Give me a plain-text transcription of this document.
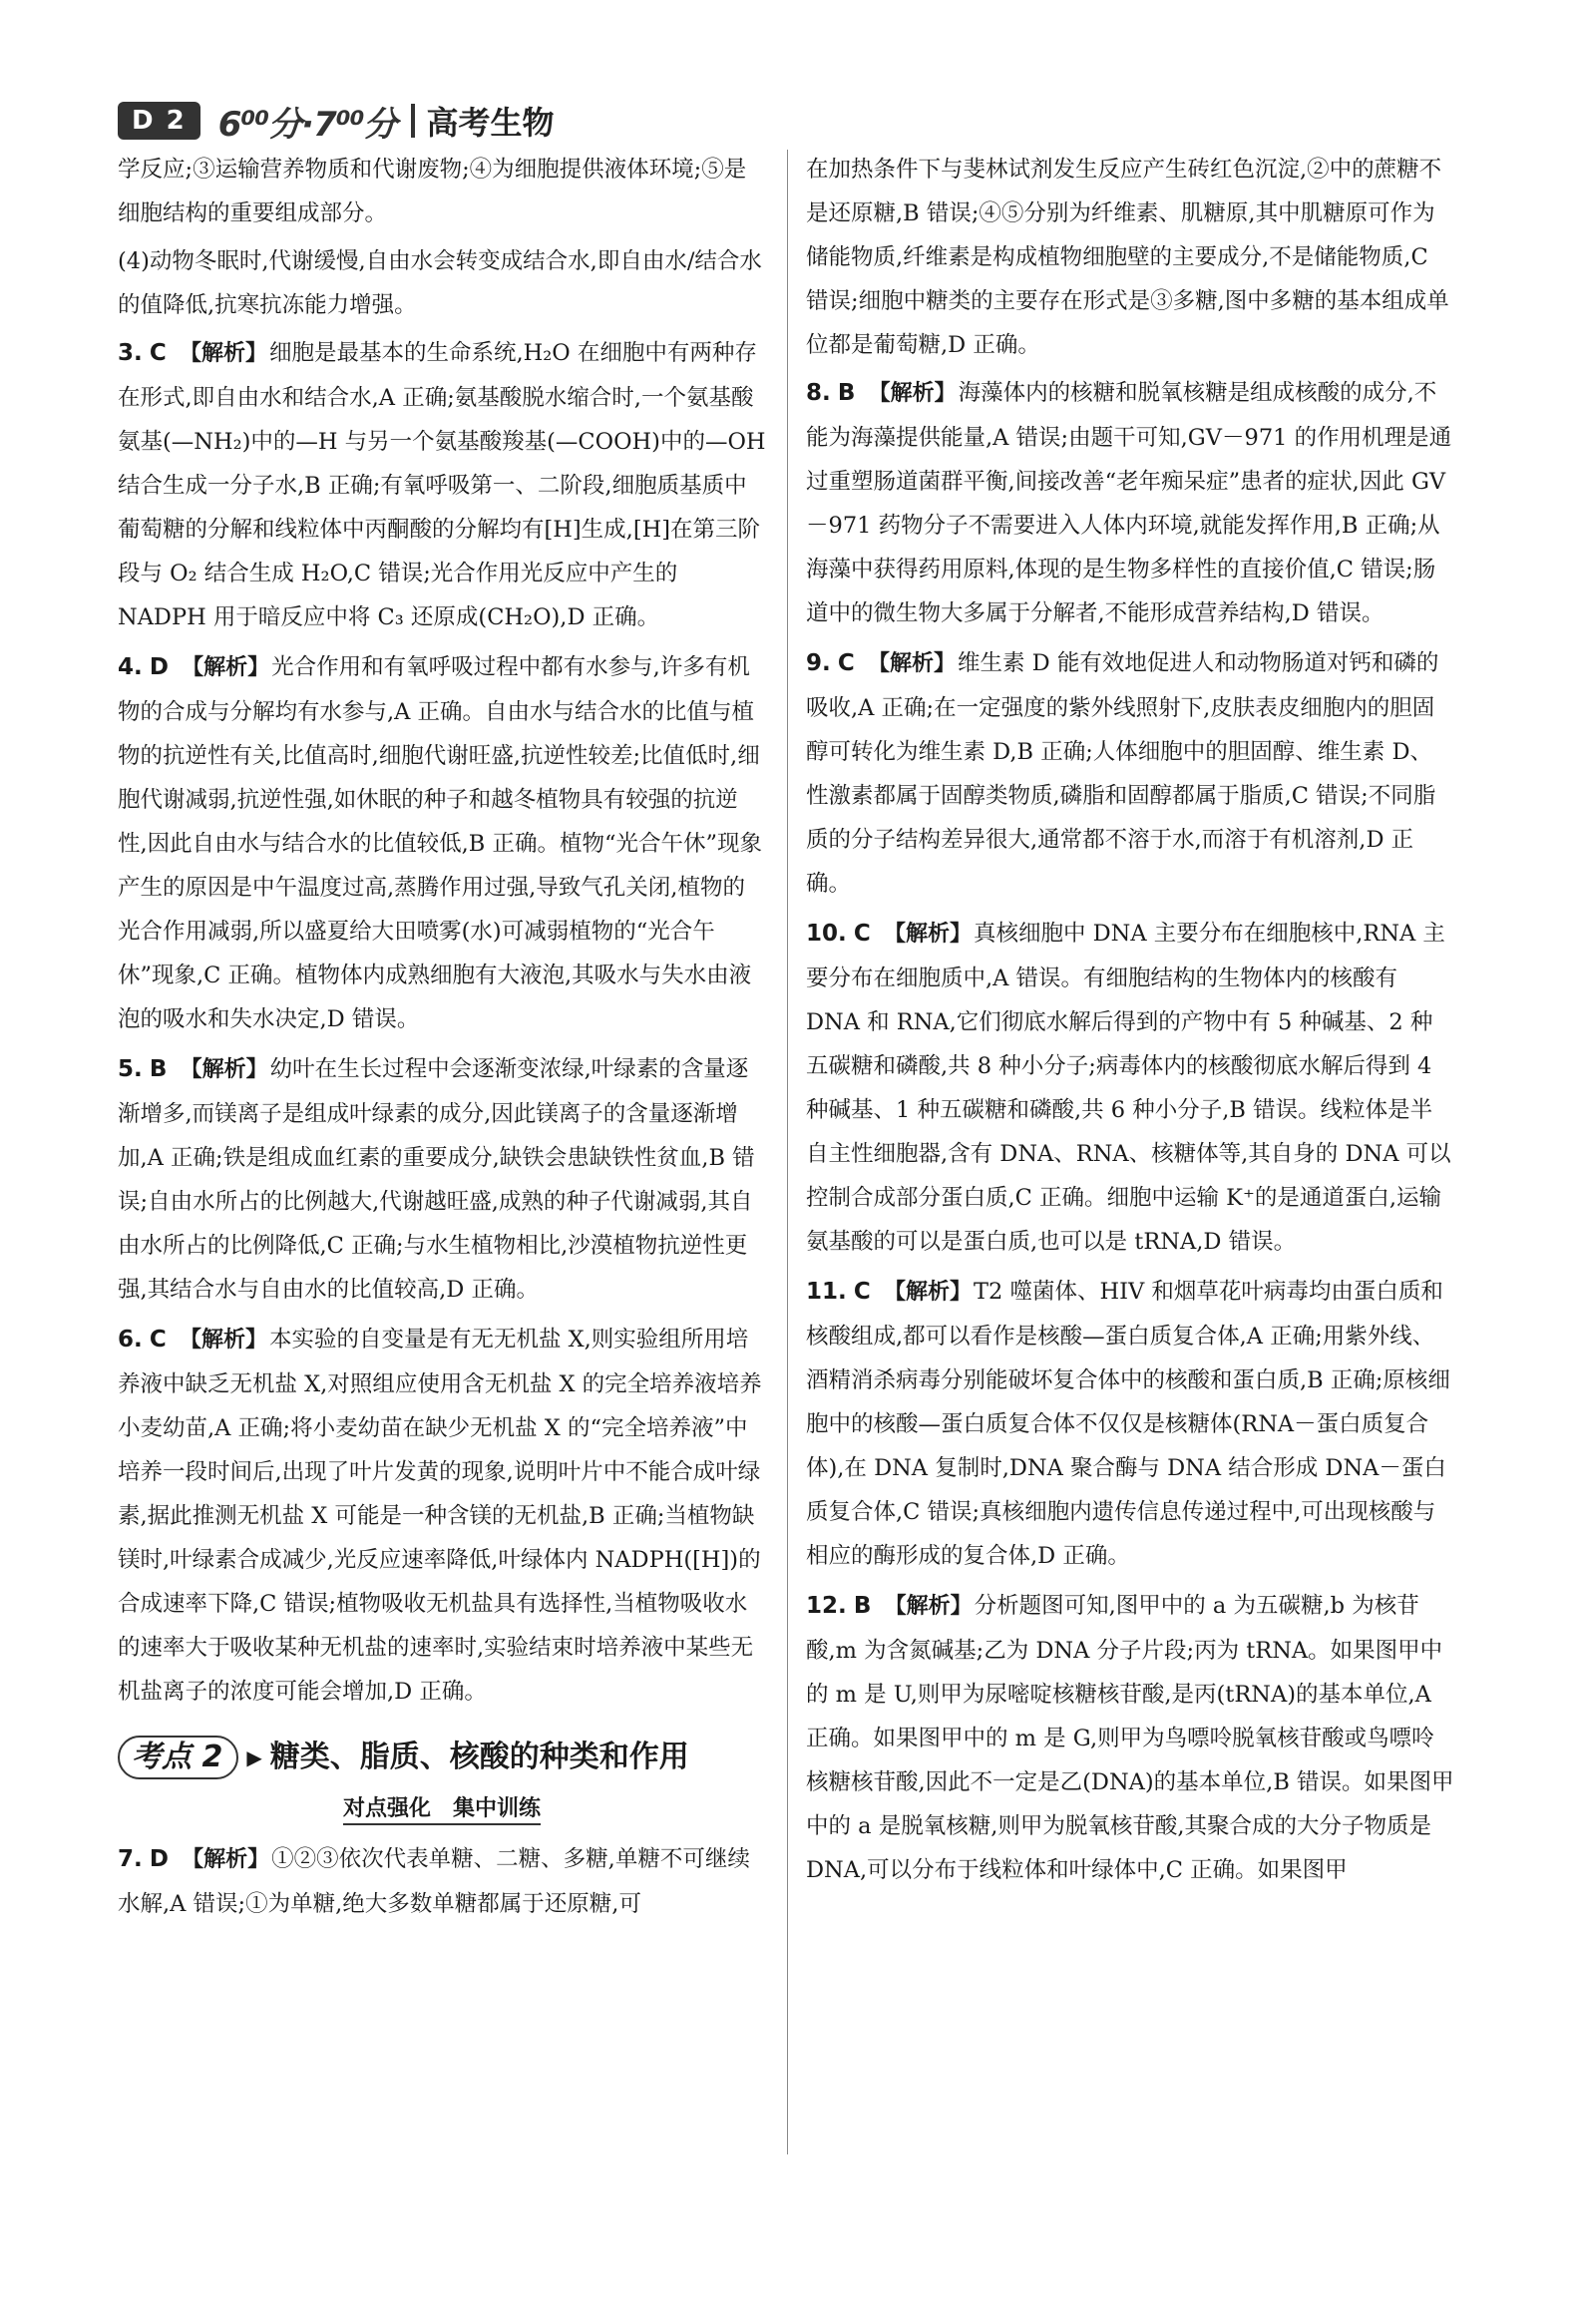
D 2 6⁰⁰分·7⁰⁰分 高考生物

学反应;③运输营养物质和代谢废物;④为细胞提供液体环境;⑤是细胞结构的重要组成部分。

(4)动物冬眠时,代谢缓慢,自由水会转变成结合水,即自由水/结合水的值降低,抗寒抗冻能力增强。

3. C 【解析】细胞是最基本的生命系统,H₂O 在细胞中有两种存在形式,即自由水和结合水,A 正确;氨基酸脱水缩合时,一个氨基酸氨基(—NH₂)中的—H 与另一个氨基酸羧基(—COOH)中的—OH 结合生成一分子水,B 正确;有氧呼吸第一、二阶段,细胞质基质中葡萄糖的分解和线粒体中丙酮酸的分解均有[H]生成,[H]在第三阶段与 O₂ 结合生成 H₂O,C 错误;光合作用光反应中产生的 NADPH 用于暗反应中将 C₃ 还原成(CH₂O),D 正确。
4. D 【解析】光合作用和有氧呼吸过程中都有水参与,许多有机物的合成与分解均有水参与,A 正确。自由水与结合水的比值与植物的抗逆性有关,比值高时,细胞代谢旺盛,抗逆性较差;比值低时,细胞代谢减弱,抗逆性强,如休眠的种子和越冬植物具有较强的抗逆性,因此自由水与结合水的比值较低,B 正确。植物“光合午休”现象产生的原因是中午温度过高,蒸腾作用过强,导致气孔关闭,植物的光合作用减弱,所以盛夏给大田喷雾(水)可减弱植物的“光合午休”现象,C 正确。植物体内成熟细胞有大液泡,其吸水与失水由液泡的吸水和失水决定,D 错误。
5. B 【解析】幼叶在生长过程中会逐渐变浓绿,叶绿素的含量逐渐增多,而镁离子是组成叶绿素的成分,因此镁离子的含量逐渐增加,A 正确;铁是组成血红素的重要成分,缺铁会患缺铁性贫血,B 错误;自由水所占的比例越大,代谢越旺盛,成熟的种子代谢减弱,其自由水所占的比例降低,C 正确;与水生植物相比,沙漠植物抗逆性更强,其结合水与自由水的比值较高,D 正确。
6. C 【解析】本实验的自变量是有无无机盐 X,则实验组所用培养液中缺乏无机盐 X,对照组应使用含无机盐 X 的完全培养液培养小麦幼苗,A 正确;将小麦幼苗在缺少无机盐 X 的“完全培养液”中培养一段时间后,出现了叶片发黄的现象,说明叶片中不能合成叶绿素,据此推测无机盐 X 可能是一种含镁的无机盐,B 正确;当植物缺镁时,叶绿素合成减少,光反应速率降低,叶绿体内 NADPH([H])的合成速率下降,C 错误;植物吸收无机盐具有选择性,当植物吸收水的速率大于吸收某种无机盐的速率时,实验结束时培养液中某些无机盐离子的浓度可能会增加,D 正确。
考点 2	▶ 糖类、脂质、核酸的种类和作用
对点强化　集中训练
7. D 【解析】①②③依次代表单糖、二糖、多糖,单糖不可继续水解,A 错误;①为单糖,绝大多数单糖都属于还原糖,可

在加热条件下与斐林试剂发生反应产生砖红色沉淀,②中的蔗糖不是还原糖,B 错误;④⑤分别为纤维素、肌糖原,其中肌糖原可作为储能物质,纤维素是构成植物细胞壁的主要成分,不是储能物质,C 错误;细胞中糖类的主要存在形式是③多糖,图中多糖的基本组成单位都是葡萄糖,D 正确。

8. B 【解析】海藻体内的核糖和脱氧核糖是组成核酸的成分,不能为海藻提供能量,A 错误;由题干可知,GV－971 的作用机理是通过重塑肠道菌群平衡,间接改善“老年痴呆症”患者的症状,因此 GV－971 药物分子不需要进入人体内环境,就能发挥作用,B 正确;从海藻中获得药用原料,体现的是生物多样性的直接价值,C 错误;肠道中的微生物大多属于分解者,不能形成营养结构,D 错误。
9. C 【解析】维生素 D 能有效地促进人和动物肠道对钙和磷的吸收,A 正确;在一定强度的紫外线照射下,皮肤表皮细胞内的胆固醇可转化为维生素 D,B 正确;人体细胞中的胆固醇、维生素 D、性激素都属于固醇类物质,磷脂和固醇都属于脂质,C 错误;不同脂质的分子结构差异很大,通常都不溶于水,而溶于有机溶剂,D 正确。
10. C 【解析】真核细胞中 DNA 主要分布在细胞核中,RNA 主要分布在细胞质中,A 错误。有细胞结构的生物体内的核酸有 DNA 和 RNA,它们彻底水解后得到的产物中有 5 种碱基、2 种五碳糖和磷酸,共 8 种小分子;病毒体内的核酸彻底水解后得到 4 种碱基、1 种五碳糖和磷酸,共 6 种小分子,B 错误。线粒体是半自主性细胞器,含有 DNA、RNA、核糖体等,其自身的 DNA 可以控制合成部分蛋白质,C 正确。细胞中运输 K⁺的是通道蛋白,运输氨基酸的可以是蛋白质,也可以是 tRNA,D 错误。
11. C 【解析】T2 噬菌体、HIV 和烟草花叶病毒均由蛋白质和核酸组成,都可以看作是核酸—蛋白质复合体,A 正确;用紫外线、酒精消杀病毒分别能破坏复合体中的核酸和蛋白质,B 正确;原核细胞中的核酸—蛋白质复合体不仅仅是核糖体(RNA－蛋白质复合体),在 DNA 复制时,DNA 聚合酶与 DNA 结合形成 DNA－蛋白质复合体,C 错误;真核细胞内遗传信息传递过程中,可出现核酸与相应的酶形成的复合体,D 正确。
12. B 【解析】分析题图可知,图甲中的 a 为五碳糖,b 为核苷酸,m 为含氮碱基;乙为 DNA 分子片段;丙为 tRNA。如果图甲中的 m 是 U,则甲为尿嘧啶核糖核苷酸,是丙(tRNA)的基本单位,A 正确。如果图甲中的 m 是 G,则甲为鸟嘌呤脱氧核苷酸或鸟嘌呤核糖核苷酸,因此不一定是乙(DNA)的基本单位,B 错误。如果图甲中的 a 是脱氧核糖,则甲为脱氧核苷酸,其聚合成的大分子物质是 DNA,可以分布于线粒体和叶绿体中,C 正确。如果图甲
